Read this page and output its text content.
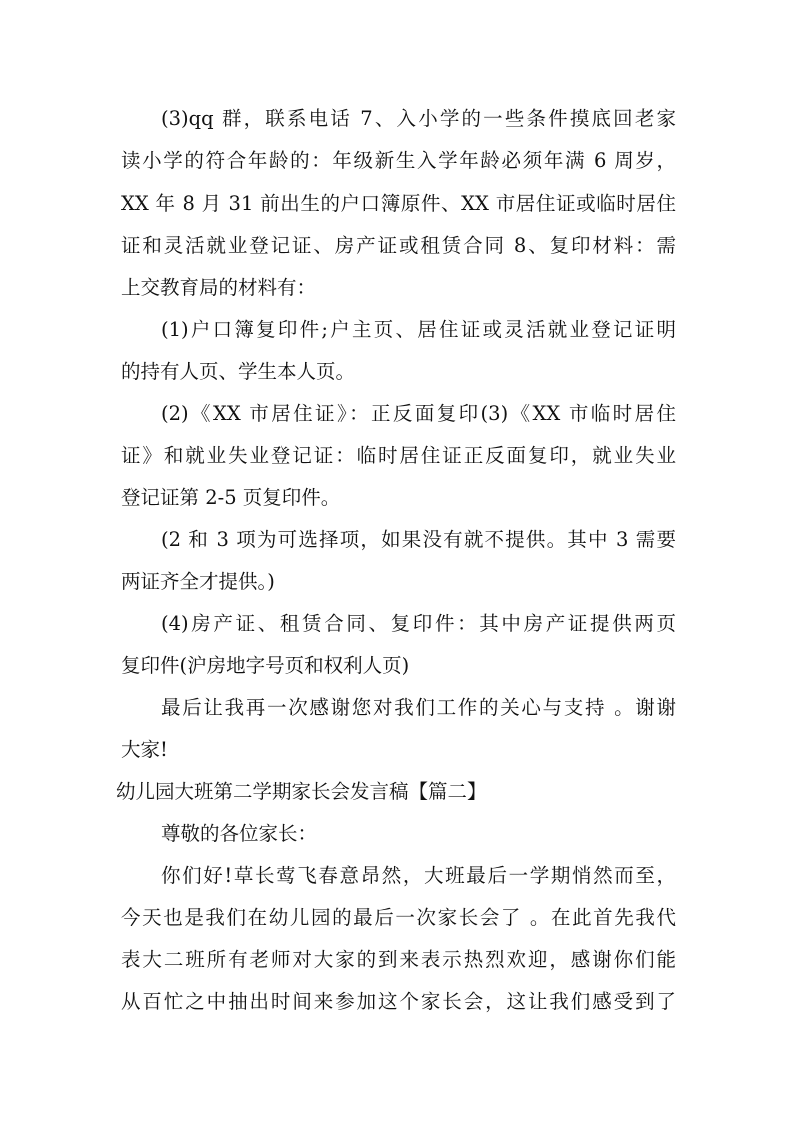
(3)qq 群，联系电话 7、入小学的一些条件摸底回老家
读小学的符合年龄的：年级新生入学年龄必须年满 6 周岁，
XX 年 8 月 31 前出生的户口簿原件、XX 市居住证或临时居住
证和灵活就业登记证、房产证或租赁合同 8、复印材料：需
上交教育局的材料有：
(1)户口簿复印件;户主页、居住证或灵活就业登记证明
的持有人页、学生本人页。
(2)《XX 市居住证》：正反面复印(3)《XX 市临时居住
证》和就业失业登记证：临时居住证正反面复印，就业失业
登记证第 2-5 页复印件。
(2 和 3 项为可选择项，如果没有就不提供。其中 3 需要
两证齐全才提供。)
(4)房产证、租赁合同、复印件：其中房产证提供两页
复印件(沪房地字号页和权利人页)
最后让我再一次感谢您对我们工作的关心与支持 。谢谢
大家!
幼儿园大班第二学期家长会发言稿【篇二】
尊敬的各位家长：
你们好!草长莺飞春意昂然，大班最后一学期悄然而至，
今天也是我们在幼儿园的最后一次家长会了 。在此首先我代
表大二班所有老师对大家的到来表示热烈欢迎，感谢你们能
从百忙之中抽出时间来参加这个家长会，这让我们感受到了
